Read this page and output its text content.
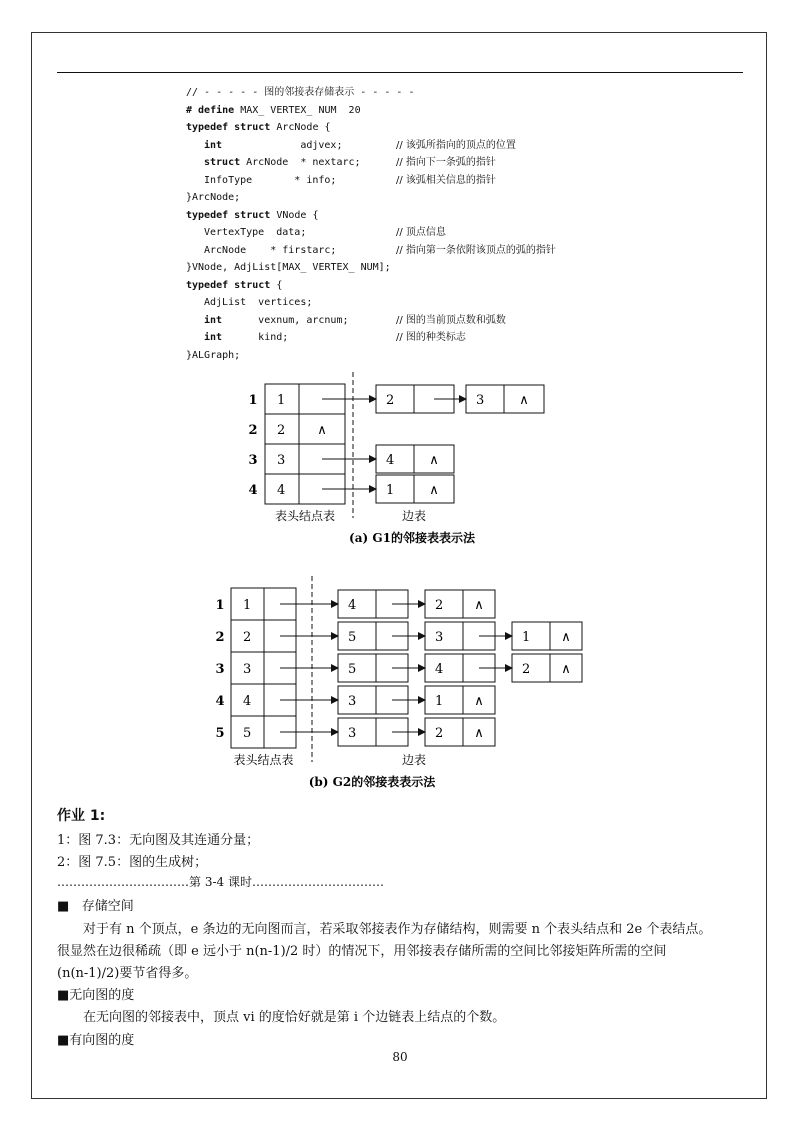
// - - - - - 图的邻接表存储表示 - - - - -
# define MAX_ VERTEX_ NUM  20
typedef struct ArcNode {
int             adjvex;	// 该弧所指向的顶点的位置
struct ArcNode  * nextarc;	// 指向下一条弧的指针
InfoType       * info;	// 该弧相关信息的指针
}ArcNode;
typedef struct VNode {
VertexType  data;	// 顶点信息
ArcNode    * firstarc;	// 指向第一条依附该顶点的弧的指针
}VNode, AdjList[MAX_ VERTEX_ NUM];
typedef struct {
AdjList  vertices;
int      vexnum, arcnum;	// 图的当前顶点数和弧数
int      kind;	// 图的种类标志
}ALGraph;
1 1	2	3	∧
2 2 ∧
3 3	4	∧
4 4	1	∧
表头结点表	边表
(a) G1的邻接表表示法
1 1	4	2 ∧
2 2	5	3	1 ∧
3 3	5	4	2 ∧
4 4	3	1 ∧
5 5	3	2 ∧
表头结点表	边表
(b) G2的邻接表表示法
作业 1:
1：图 7.3：无向图及其连通分量；
2：图 7.5：图的生成树；
……………………………第 3-4 课时……………………………
■ 存储空间
对于有 n 个顶点，e 条边的无向图而言，若采取邻接表作为存储结构，则需要 n 个表头结点和 2e 个表结点。
很显然在边很稀疏（即 e 远小于 n(n-1)/2 时）的情况下，用邻接表存储所需的空间比邻接矩阵所需的空间
(n(n-1)/2)要节省得多。
■无向图的度
在无向图的邻接表中，顶点 vi 的度恰好就是第 i 个边链表上结点的个数。
■有向图的度
80
